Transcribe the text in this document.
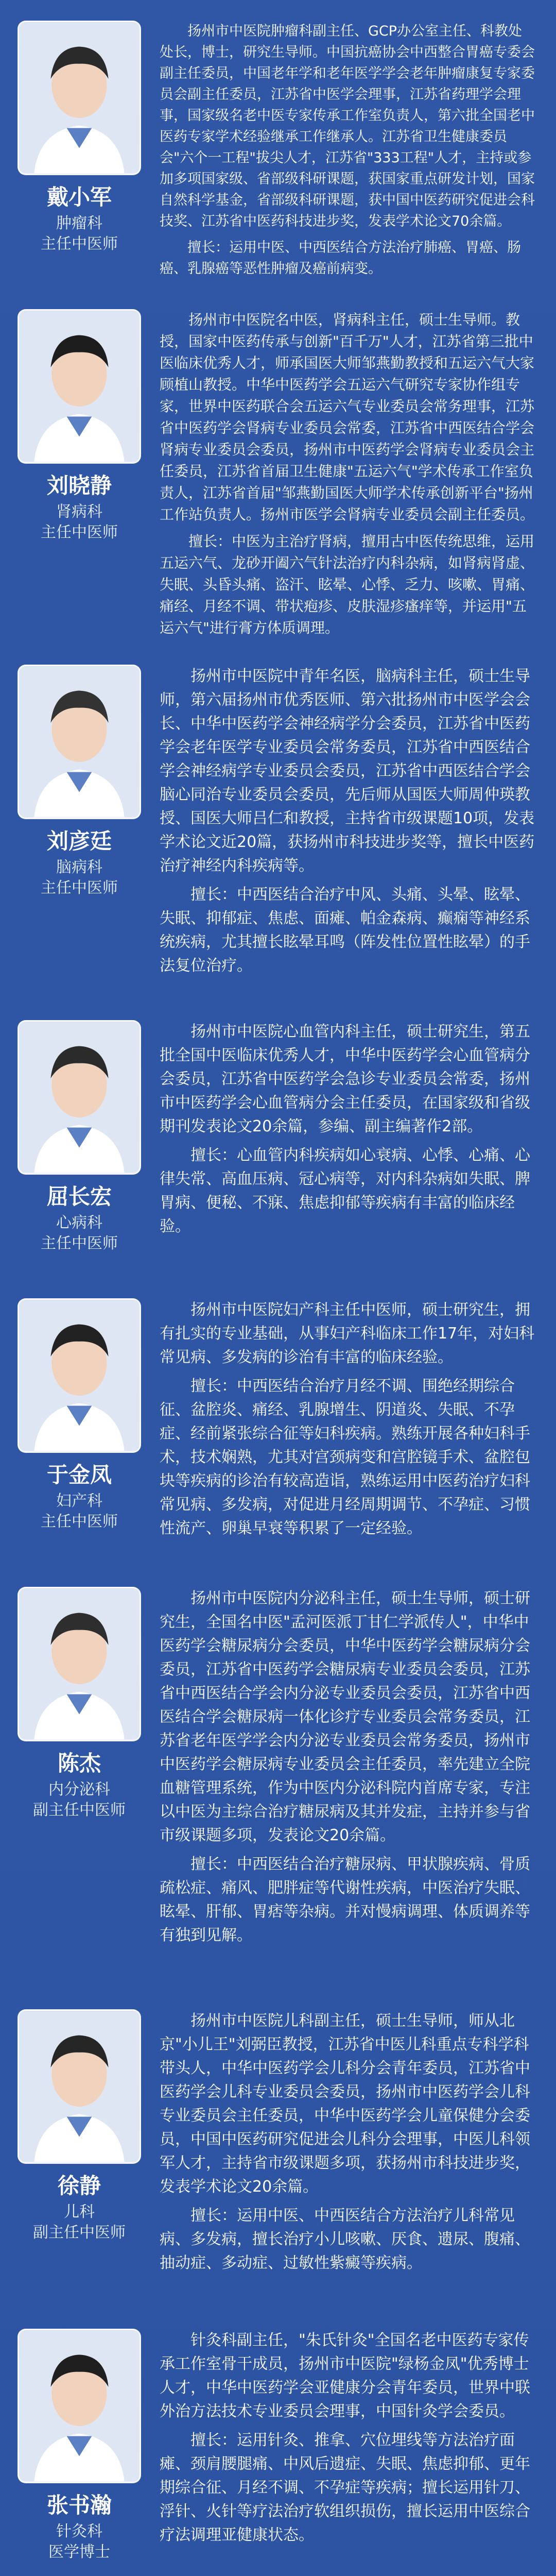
戴小军
肿瘤科
主任中医师

扬州市中医院肿瘤科副主任、GCP办公室主任、科教处处长，博士，研究生导师。中国抗癌协会中西整合胃癌专委会副主任委员，中国老年学和老年医学学会老年肿瘤康复专家委员会副主任委员，江苏省中医学会理事，江苏省药理学会理事，国家级名老中医专家传承工作室负责人，第六批全国老中医药专家学术经验继承工作继承人。江苏省卫生健康委员会"六个一工程"拔尖人才，江苏省"333工程"人才，主持或参加多项国家级、省部级科研课题，获国家重点研发计划，国家自然科学基金，省部级科研课题，获中国中医药研究促进会科技奖、江苏省中医药科技进步奖，发表学术论文70余篇。

擅长：运用中医、中西医结合方法治疗肺癌、胃癌、肠癌、乳腺癌等恶性肿瘤及癌前病变。

刘晓静
肾病科
主任中医师

扬州市中医院名中医，肾病科主任，硕士生导师。教授，国家中医药传承与创新"百千万"人才，江苏省第三批中医临床优秀人才，师承国医大师邹燕勤教授和五运六气大家顾植山教授。中华中医药学会五运六气研究专家协作组专家，世界中医药联合会五运六气专业委员会常务理事，江苏省中医药学会肾病专业委员会常委，江苏省中西医结合学会肾病专业委员会委员，扬州市中医药学会肾病专业委员会主任委员，江苏省首届卫生健康"五运六气"学术传承工作室负责人，江苏省首届"邹燕勤国医大师学术传承创新平台"扬州工作站负责人。扬州市医学会肾病专业委员会副主任委员。

擅长：中医为主治疗肾病，擅用古中医传统思维，运用五运六气、龙砂开阖六气针法治疗内科杂病，如肾病肾虚、失眠、头昏头痛、盗汗、眩晕、心悸、乏力、咳嗽、胃痛、痛经、月经不调、带状疱疹、皮肤湿疹瘙痒等，并运用"五运六气"进行膏方体质调理。

刘彦廷
脑病科
主任中医师

扬州市中医院中青年名医，脑病科主任，硕士生导师，第六届扬州市优秀医师、第六批扬州市中医学会会长、中华中医药学会神经病学分会委员，江苏省中医药学会老年医学专业委员会常务委员，江苏省中西医结合学会神经病学专业委员会委员，江苏省中西医结合学会脑心同治专业委员会委员，先后师从国医大师周仲瑛教授、国医大师吕仁和教授，主持省市级课题10项，发表学术论文近20篇，获扬州市科技进步奖等，擅长中医药治疗神经内科疾病等。

擅长：中西医结合治疗中风、头痛、头晕、眩晕、失眠、抑郁症、焦虑、面瘫、帕金森病、癫痫等神经系统疾病，尤其擅长眩晕耳鸣（阵发性位置性眩晕）的手法复位治疗。

屈长宏
心病科
主任中医师

扬州市中医院心血管内科主任，硕士研究生，第五批全国中医临床优秀人才，中华中医药学会心血管病分会委员，江苏省中医药学会急诊专业委员会常委，扬州市中医药学会心血管病分会主任委员，在国家级和省级期刊发表论文20余篇，参编、副主编著作2部。

擅长：心血管内科疾病如心衰病、心悸、心痛、心律失常、高血压病、冠心病等，对内科杂病如失眠、脾胃病、便秘、不寐、焦虑抑郁等疾病有丰富的临床经验。

于金凤
妇产科
主任中医师

扬州市中医院妇产科主任中医师，硕士研究生，拥有扎实的专业基础，从事妇产科临床工作17年，对妇科常见病、多发病的诊治有丰富的临床经验。

擅长：中西医结合治疗月经不调、围绝经期综合征、盆腔炎、痛经、乳腺增生、阴道炎、失眠、不孕症、经前紧张综合征等妇科疾病。熟练开展各种妇科手术，技术娴熟，尤其对宫颈病变和宫腔镜手术、盆腔包块等疾病的诊治有较高造诣，熟练运用中医药治疗妇科常见病、多发病，对促进月经周期调节、不孕症、习惯性流产、卵巢早衰等积累了一定经验。

陈杰
内分泌科
副主任中医师

扬州市中医院内分泌科主任，硕士生导师，硕士研究生，全国名中医"孟河医派丁甘仁学派传人"，中华中医药学会糖尿病分会委员，中华中医药学会糖尿病分会委员，江苏省中医药学会糖尿病专业委员会委员，江苏省中西医结合学会内分泌专业委员会委员，江苏省中西医结合学会糖尿病一体化诊疗专业委员会常务委员，江苏省老年医学学会内分泌专业委员会常务委员，扬州市中医药学会糖尿病专业委员会主任委员，率先建立全院血糖管理系统，作为中医内分泌科院内首席专家，专注以中医为主综合治疗糖尿病及其并发症，主持并参与省市级课题多项，发表论文20余篇。

擅长：中西医结合治疗糖尿病、甲状腺疾病、骨质疏松症、痛风、肥胖症等代谢性疾病，中医治疗失眠、眩晕、肝郁、胃痞等杂病。并对慢病调理、体质调养等有独到见解。

徐静
儿科
副主任中医师

扬州市中医院儿科副主任，硕士生导师，师从北京"小儿王"刘弼臣教授，江苏省中医儿科重点专科学科带头人，中华中医药学会儿科分会青年委员，江苏省中医药学会儿科专业委员会委员，扬州市中医药学会儿科专业委员会主任委员，中华中医药学会儿童保健分会委员，中国中医药研究促进会儿科分会理事，中医儿科领军人才，主持省市级课题多项，获扬州市科技进步奖，发表学术论文20余篇。

擅长：运用中医、中西医结合方法治疗儿科常见病、多发病，擅长治疗小儿咳嗽、厌食、遗尿、腹痛、抽动症、多动症、过敏性紫癜等疾病。

张书瀚
针灸科
医学博士

针灸科副主任，"朱氏针灸"全国名老中医药专家传承工作室骨干成员，扬州市中医院"绿杨金凤"优秀博士人才，中华中医药学会亚健康分会青年委员，世界中联外治方法技术专业委员会理事，中国针灸学会委员。

擅长：运用针灸、推拿、穴位埋线等方法治疗面瘫、颈肩腰腿痛、中风后遗症、失眠、焦虑抑郁、更年期综合征、月经不调、不孕症等疾病；擅长运用针刀、浮针、火针等疗法治疗软组织损伤，擅长运用中医综合疗法调理亚健康状态。
